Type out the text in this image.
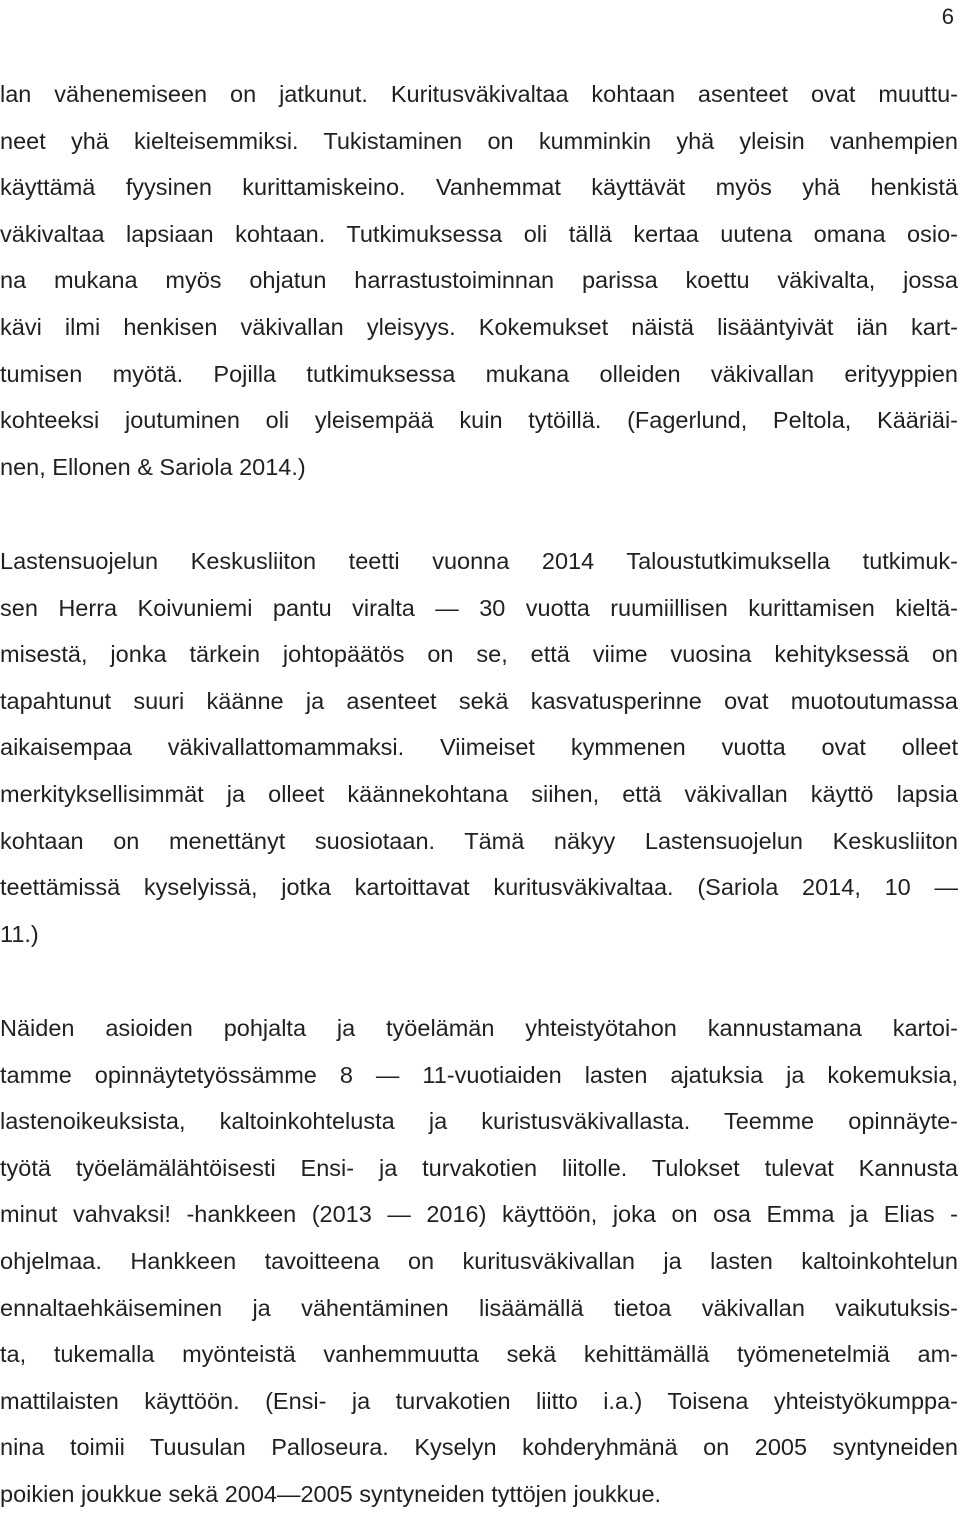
6
lan vähenemiseen on jatkunut. Kuritusväkivaltaa kohtaan asenteet ovat muuttu-
neet yhä kielteisemmiksi. Tukistaminen on kumminkin yhä yleisin vanhempien
käyttämä fyysinen kurittamiskeino. Vanhemmat käyttävät myös yhä henkistä
väkivaltaa lapsiaan kohtaan. Tutkimuksessa oli tällä kertaa uutena omana osio-
na mukana myös ohjatun harrastustoiminnan parissa koettu väkivalta, jossa
kävi ilmi henkisen väkivallan yleisyys. Kokemukset näistä lisääntyivät iän kart-
tumisen myötä. Pojilla tutkimuksessa mukana olleiden väkivallan erityyppien
kohteeksi joutuminen oli yleisempää kuin tytöillä. (Fagerlund, Peltola, Kääriäi-
nen, Ellonen & Sariola 2014.)
Lastensuojelun Keskusliiton teetti vuonna 2014 Taloustutkimuksella tutkimuk-
sen Herra Koivuniemi pantu viralta — 30 vuotta ruumiillisen kurittamisen kieltä-
misestä, jonka tärkein johtopäätös on se, että viime vuosina kehityksessä on
tapahtunut suuri käänne ja asenteet sekä kasvatusperinne ovat muotoutumassa
aikaisempaa väkivallattomammaksi. Viimeiset kymmenen vuotta ovat olleet
merkityksellisimmät ja olleet käännekohtana siihen, että väkivallan käyttö lapsia
kohtaan on menettänyt suosiotaan. Tämä näkyy Lastensuojelun Keskusliiton
teettämissä kyselyissä, jotka kartoittavat kuritusväkivaltaa. (Sariola 2014, 10 —
11.)
Näiden asioiden pohjalta ja työelämän yhteistyötahon kannustamana kartoi-
tamme opinnäytetyössämme 8 — 11-vuotiaiden lasten ajatuksia ja kokemuksia,
lastenoikeuksista, kaltoinkohtelusta ja kuristusväkivallasta. Teemme opinnäyte-
työtä työelämälähtöisesti Ensi- ja turvakotien liitolle. Tulokset tulevat Kannusta
minut vahvaksi! -hankkeen (2013 — 2016) käyttöön, joka on osa Emma ja Elias -
ohjelmaa. Hankkeen tavoitteena on kuritusväkivallan ja lasten kaltoinkohtelun
ennaltaehkäiseminen ja vähentäminen lisäämällä tietoa väkivallan vaikutuksis-
ta, tukemalla myönteistä vanhemmuutta sekä kehittämällä työmenetelmiä am-
mattilaisten käyttöön. (Ensi- ja turvakotien liitto i.a.) Toisena yhteistyökumppa-
nina toimii Tuusulan Palloseura. Kyselyn kohderyhmänä on 2005 syntyneiden
poikien joukkue sekä 2004—2005 syntyneiden tyttöjen joukkue.
